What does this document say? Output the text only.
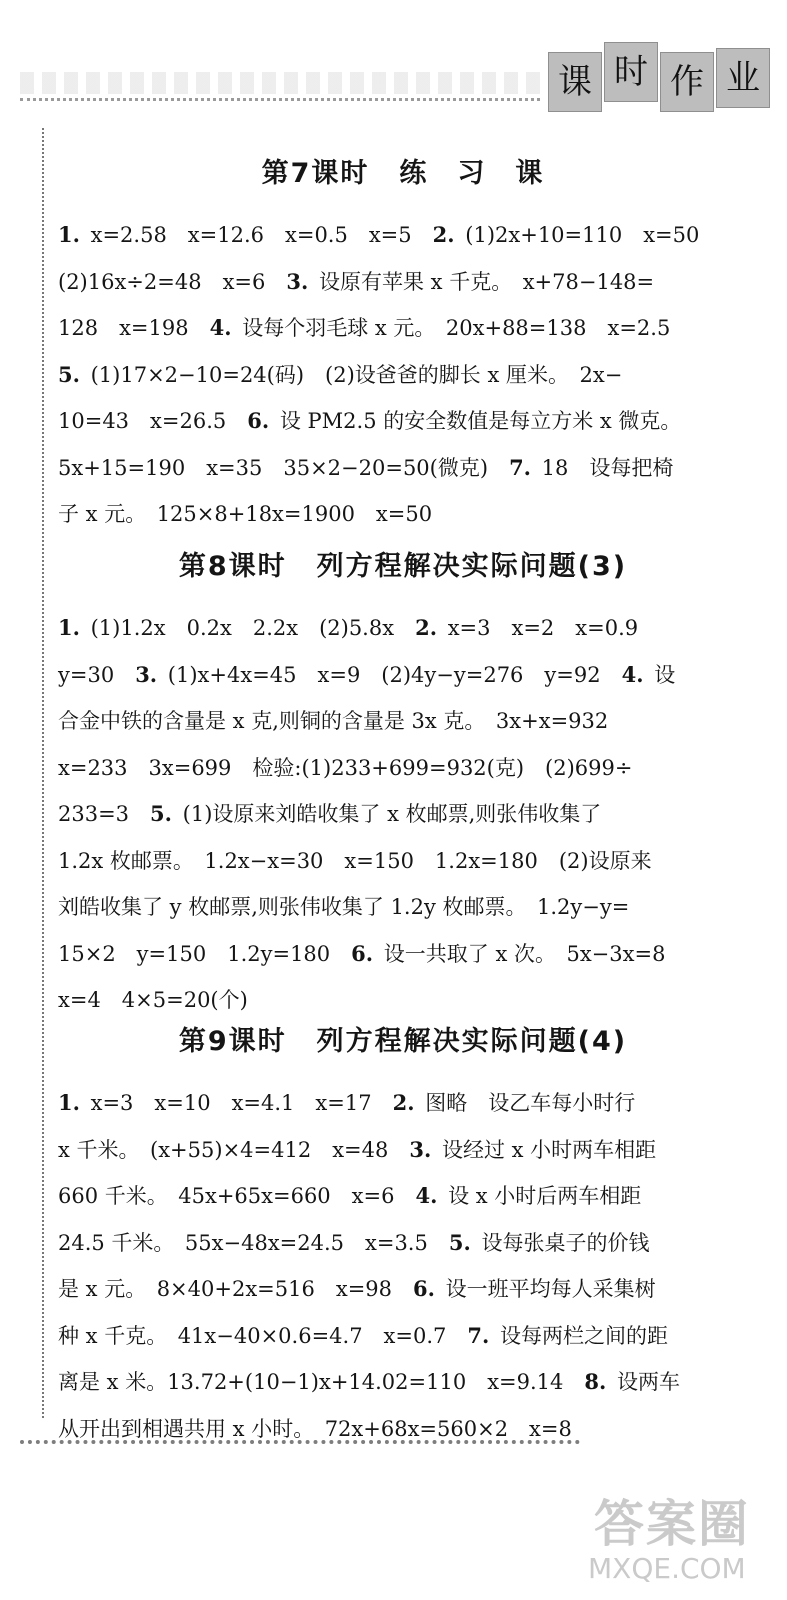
课 时 作 业
第7课时 练　习　课
1. x=2.58　x=12.6　x=0.5　x=5　2. (1)2x+10=110　x=50
(2)16x÷2=48　x=6　3. 设原有苹果 x 千克。　x+78−148=
128　x=198　4. 设每个羽毛球 x 元。　20x+88=138　x=2.5
5. (1)17×2−10=24(码)　(2)设爸爸的脚长 x 厘米。　2x−
10=43　x=26.5　6. 设 PM2.5 的安全数值是每立方米 x 微克。
5x+15=190　x=35　35×2−20=50(微克)　7. 18　设每把椅
子 x 元。　125×8+18x=1900　x=50
第8课时 列方程解决实际问题(3)
1. (1)1.2x　0.2x　2.2x　(2)5.8x　2. x=3　x=2　x=0.9
y=30　3. (1)x+4x=45　x=9　(2)4y−y=276　y=92　4. 设
合金中铁的含量是 x 克,则铜的含量是 3x 克。　3x+x=932
x=233　3x=699　检验:(1)233+699=932(克)　(2)699÷
233=3　5. (1)设原来刘皓收集了 x 枚邮票,则张伟收集了
1.2x 枚邮票。　1.2x−x=30　x=150　1.2x=180　(2)设原来
刘皓收集了 y 枚邮票,则张伟收集了 1.2y 枚邮票。　1.2y−y=
15×2　y=150　1.2y=180　6. 设一共取了 x 次。　5x−3x=8
x=4　4×5=20(个)
第9课时 列方程解决实际问题(4)
1. x=3　x=10　x=4.1　x=17　2. 图略　设乙车每小时行
x 千米。　(x+55)×4=412　x=48　3. 设经过 x 小时两车相距
660 千米。　45x+65x=660　x=6　4. 设 x 小时后两车相距
24.5 千米。　55x−48x=24.5　x=3.5　5. 设每张桌子的价钱
是 x 元。　8×40+2x=516　x=98　6. 设一班平均每人采集树
种 x 千克。　41x−40×0.6=4.7　x=0.7　7. 设每两栏之间的距
离是 x 米。13.72+(10−1)x+14.02=110　x=9.14　8. 设两车
从开出到相遇共用 x 小时。　72x+68x=560×2　x=8
答案圈
MXQE.COM
